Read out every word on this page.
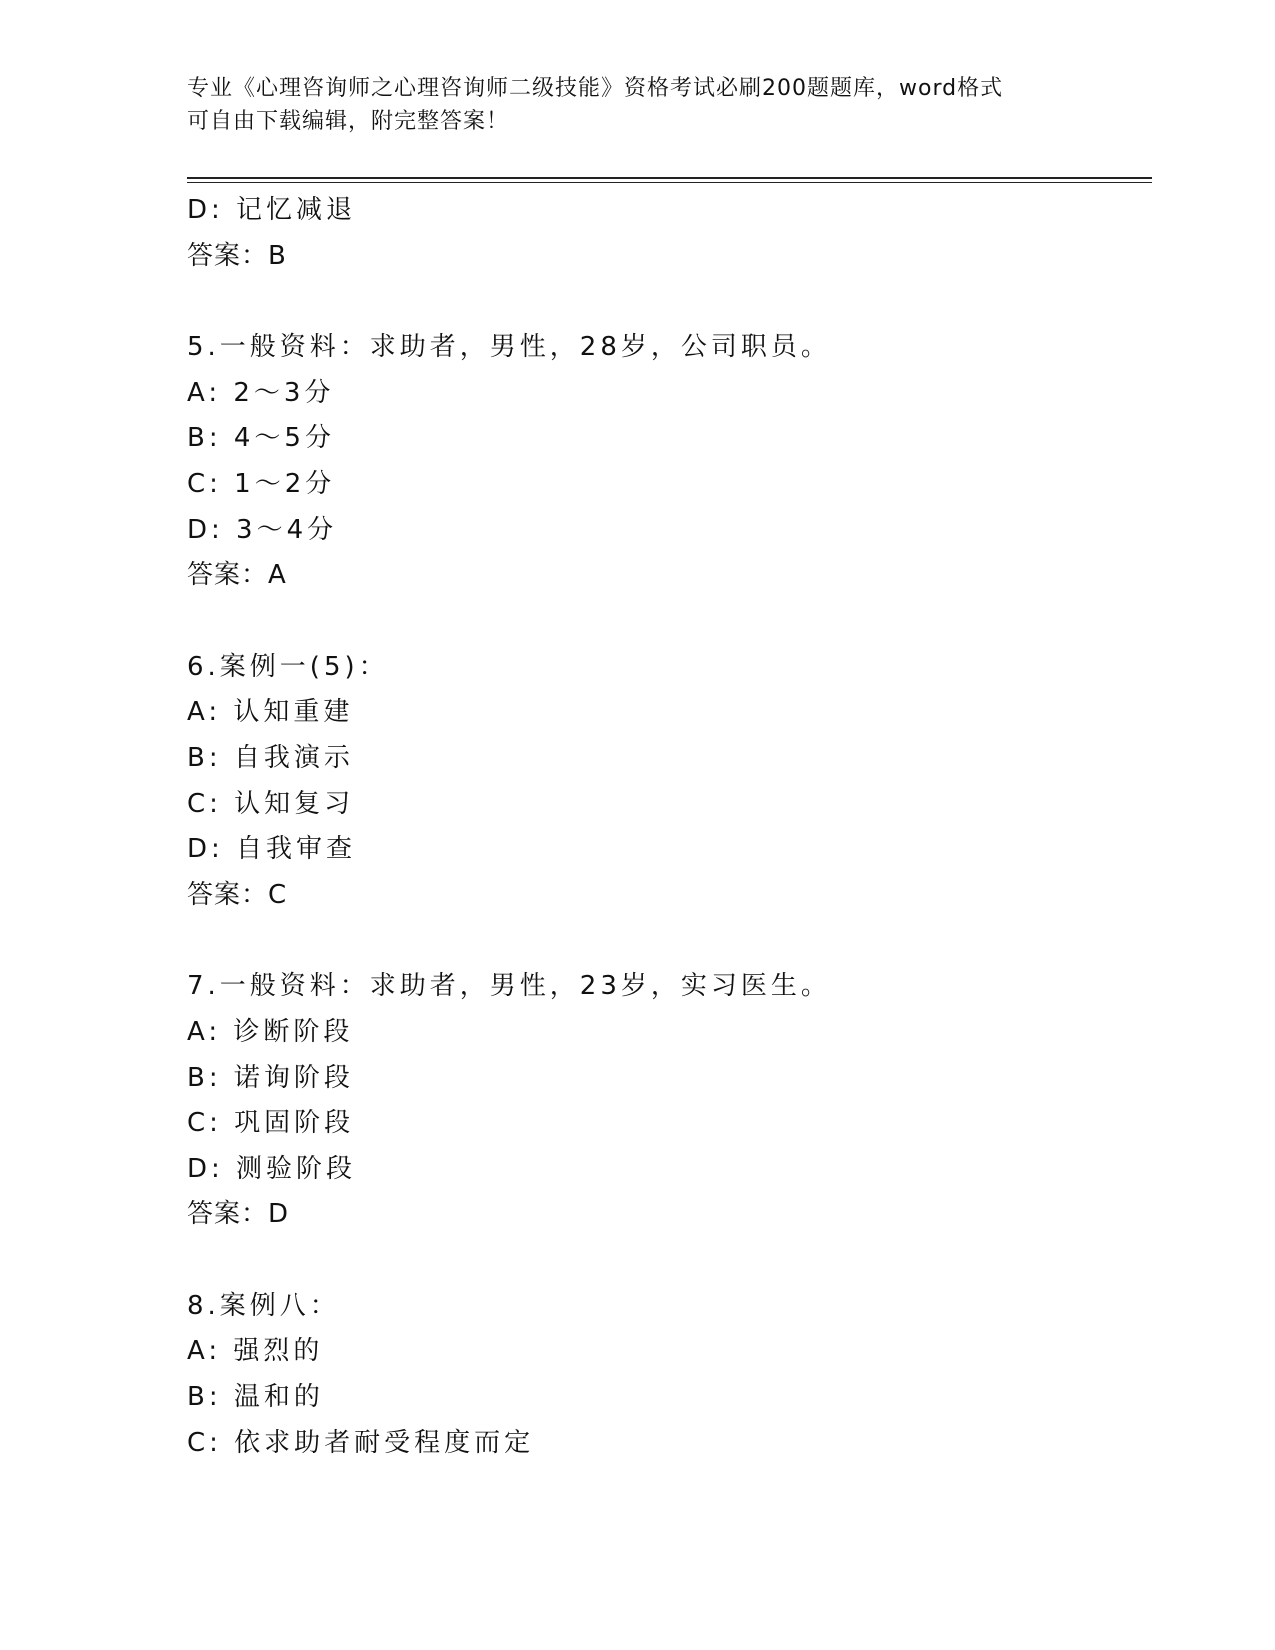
专业《心理咨询师之心理咨询师二级技能》资格考试必刷200题题库，word格式
可自由下载编辑，附完整答案！
D: 记忆减退
答案：B
5.一般资料：求助者，男性，28岁，公司职员。
A: 2～3分
B: 4～5分
C: 1～2分
D: 3～4分
答案：A
6.案例一(5)：
A: 认知重建
B: 自我演示
C: 认知复习
D: 自我审查
答案：C
7.一般资料：求助者，男性，23岁，实习医生。
A: 诊断阶段
B: 诺询阶段
C: 巩固阶段
D: 测验阶段
答案：D
8.案例八：
A: 强烈的
B: 温和的
C: 依求助者耐受程度而定
